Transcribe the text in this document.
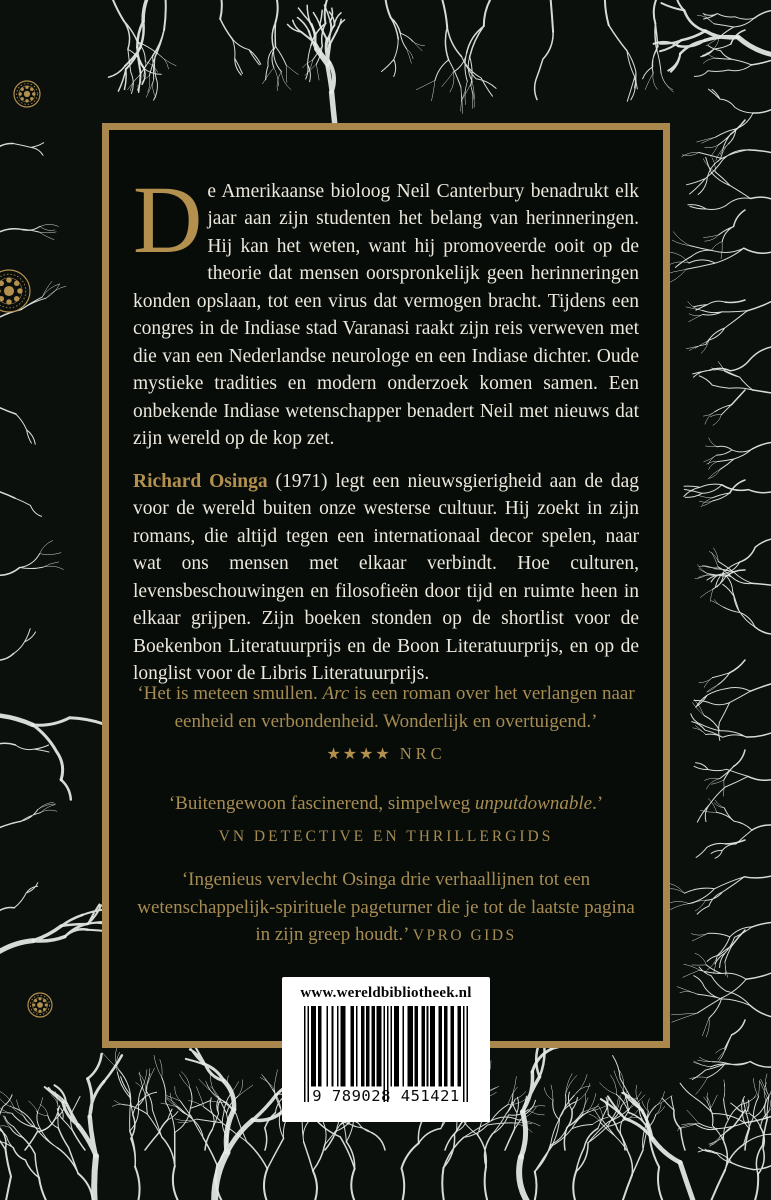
De Amerikaanse bioloog Neil Canterbury benadrukt elk jaar aan zijn studenten het belang van herinneringen. Hij kan het weten, want hij promoveerde ooit op de theorie dat mensen oorspronkelijk geen herinneringen konden opslaan, tot een virus dat vermogen bracht. Tijdens een congres in de Indiase stad Varanasi raakt zijn reis verweven met die van een Nederlandse neurologe en een Indiase dichter. Oude mystieke tradities en modern onderzoek komen samen. Een onbekende Indiase wetenschapper benadert Neil met nieuws dat zijn wereld op de kop zet.

Richard Osinga (1971) legt een nieuwsgierigheid aan de dag voor de wereld buiten onze westerse cultuur. Hij zoekt in zijn romans, die altijd tegen een internationaal decor spelen, naar wat ons mensen met elkaar verbindt. Hoe culturen, levensbeschouwingen en filosofieën door tijd en ruimte heen in elkaar grijpen. Zijn boeken stonden op de shortlist voor de Boekenbon Literatuurprijs en de Boon Literatuurprijs, en op de longlist voor de Libris Literatuurprijs.

‘Het is meteen smullen. Arc is een roman over het verlangen naar eenheid en verbondenheid. Wonderlijk en overtuigend.’
★★★★ NRC
‘Buitengewoon fascinerend, simpelweg unputdownable.’
VN DETECTIVE EN THRILLERGIDS
‘Ingenieus vervlecht Osinga drie verhaallijnen tot een wetenschappelijk-spirituele pageturner die je tot de laatste pagina in zijn greep houdt.’ VPRO GIDS
www.wereldbibliotheek.nl
9 789028 451421
